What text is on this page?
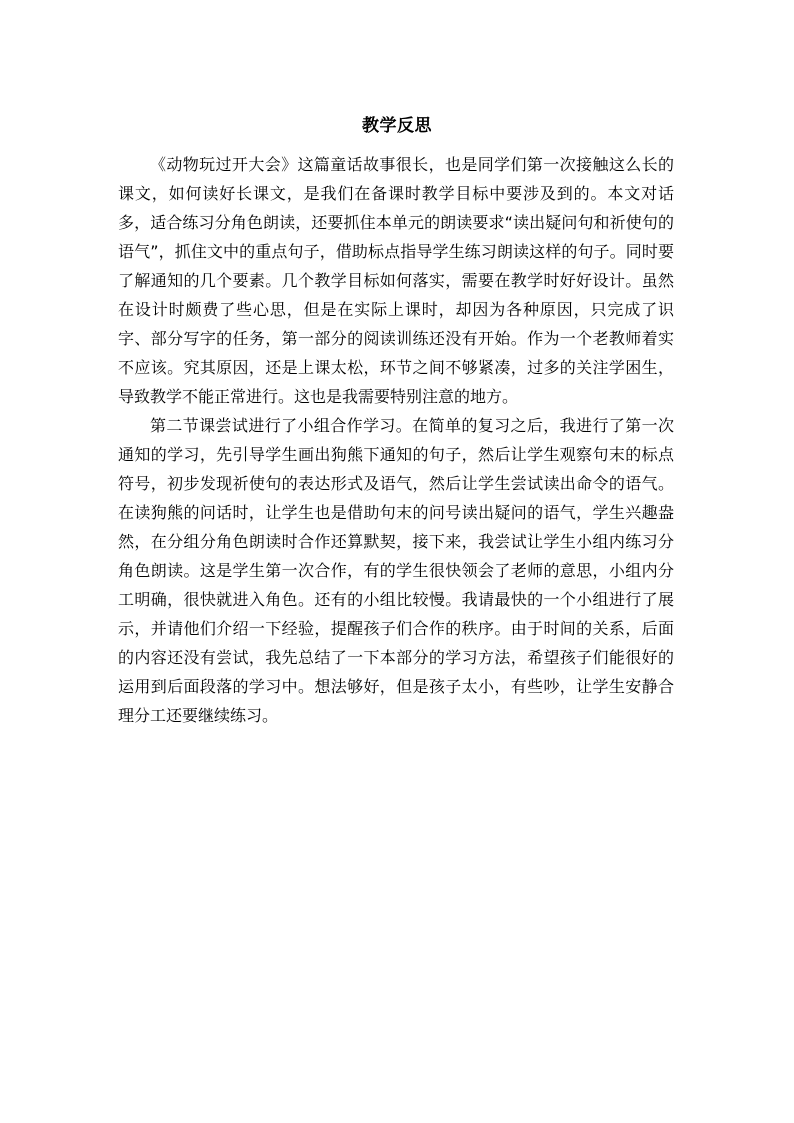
教学反思

《动物玩过开大会》这篇童话故事很长，也是同学们第一次接触这么长的课文，如何读好长课文，是我们在备课时教学目标中要涉及到的。本文对话多，适合练习分角色朗读，还要抓住本单元的朗读要求“读出疑问句和祈使句的语气”，抓住文中的重点句子，借助标点指导学生练习朗读这样的句子。同时要了解通知的几个要素。几个教学目标如何落实，需要在教学时好好设计。虽然在设计时颇费了些心思，但是在实际上课时，却因为各种原因，只完成了识字、部分写字的任务，第一部分的阅读训练还没有开始。作为一个老教师着实不应该。究其原因，还是上课太松，环节之间不够紧凑，过多的关注学困生，导致教学不能正常进行。这也是我需要特别注意的地方。

第二节课尝试进行了小组合作学习。在简单的复习之后，我进行了第一次通知的学习，先引导学生画出狗熊下通知的句子，然后让学生观察句末的标点符号，初步发现祈使句的表达形式及语气，然后让学生尝试读出命令的语气。在读狗熊的问话时，让学生也是借助句末的问号读出疑问的语气，学生兴趣盎然，在分组分角色朗读时合作还算默契，接下来，我尝试让学生小组内练习分角色朗读。这是学生第一次合作，有的学生很快领会了老师的意思，小组内分工明确，很快就进入角色。还有的小组比较慢。我请最快的一个小组进行了展示，并请他们介绍一下经验，提醒孩子们合作的秩序。由于时间的关系，后面的内容还没有尝试，我先总结了一下本部分的学习方法，希望孩子们能很好的运用到后面段落的学习中。想法够好，但是孩子太小，有些吵，让学生安静合理分工还要继续练习。
